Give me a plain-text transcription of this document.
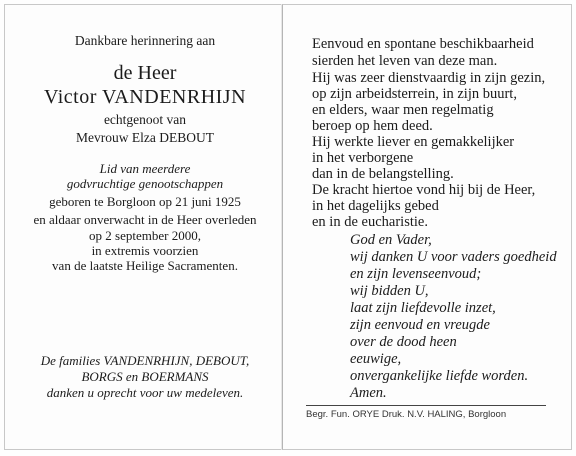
Dankbare herinnering aan
de Heer
Victor VANDENRHIJN
echtgenoot van
Mevrouw Elza DEBOUT
Lid van meerdere
godvruchtige genootschappen
geboren te Borgloon op 21 juni 1925
en aldaar onverwacht in de Heer overleden
op 2 september 2000,
in extremis voorzien
van de laatste Heilige Sacramenten.
De families VANDENRHIJN, DEBOUT,
BORGS en BOERMANS
danken u oprecht voor uw medeleven.
Eenvoud en spontane beschikbaarheid
sierden het leven van deze man.
Hij was zeer dienstvaardig in zijn gezin,
op zijn arbeidsterrein, in zijn buurt,
en elders, waar men regelmatig
beroep op hem deed.
Hij werkte liever en gemakkelijker
in het verborgene
dan in de belangstelling.
De kracht hiertoe vond hij bij de Heer,
in het dagelijks gebed
en in de eucharistie.
God en Vader,
wij danken U voor vaders goedheid
en zijn levenseenvoud;
wij bidden U,
laat zijn liefdevolle inzet,
zijn eenvoud en vreugde
over de dood heen
eeuwige,
onvergankelijke liefde worden.
Amen.
Begr. Fun. ORYE Druk. N.V. HALING, Borgloon
